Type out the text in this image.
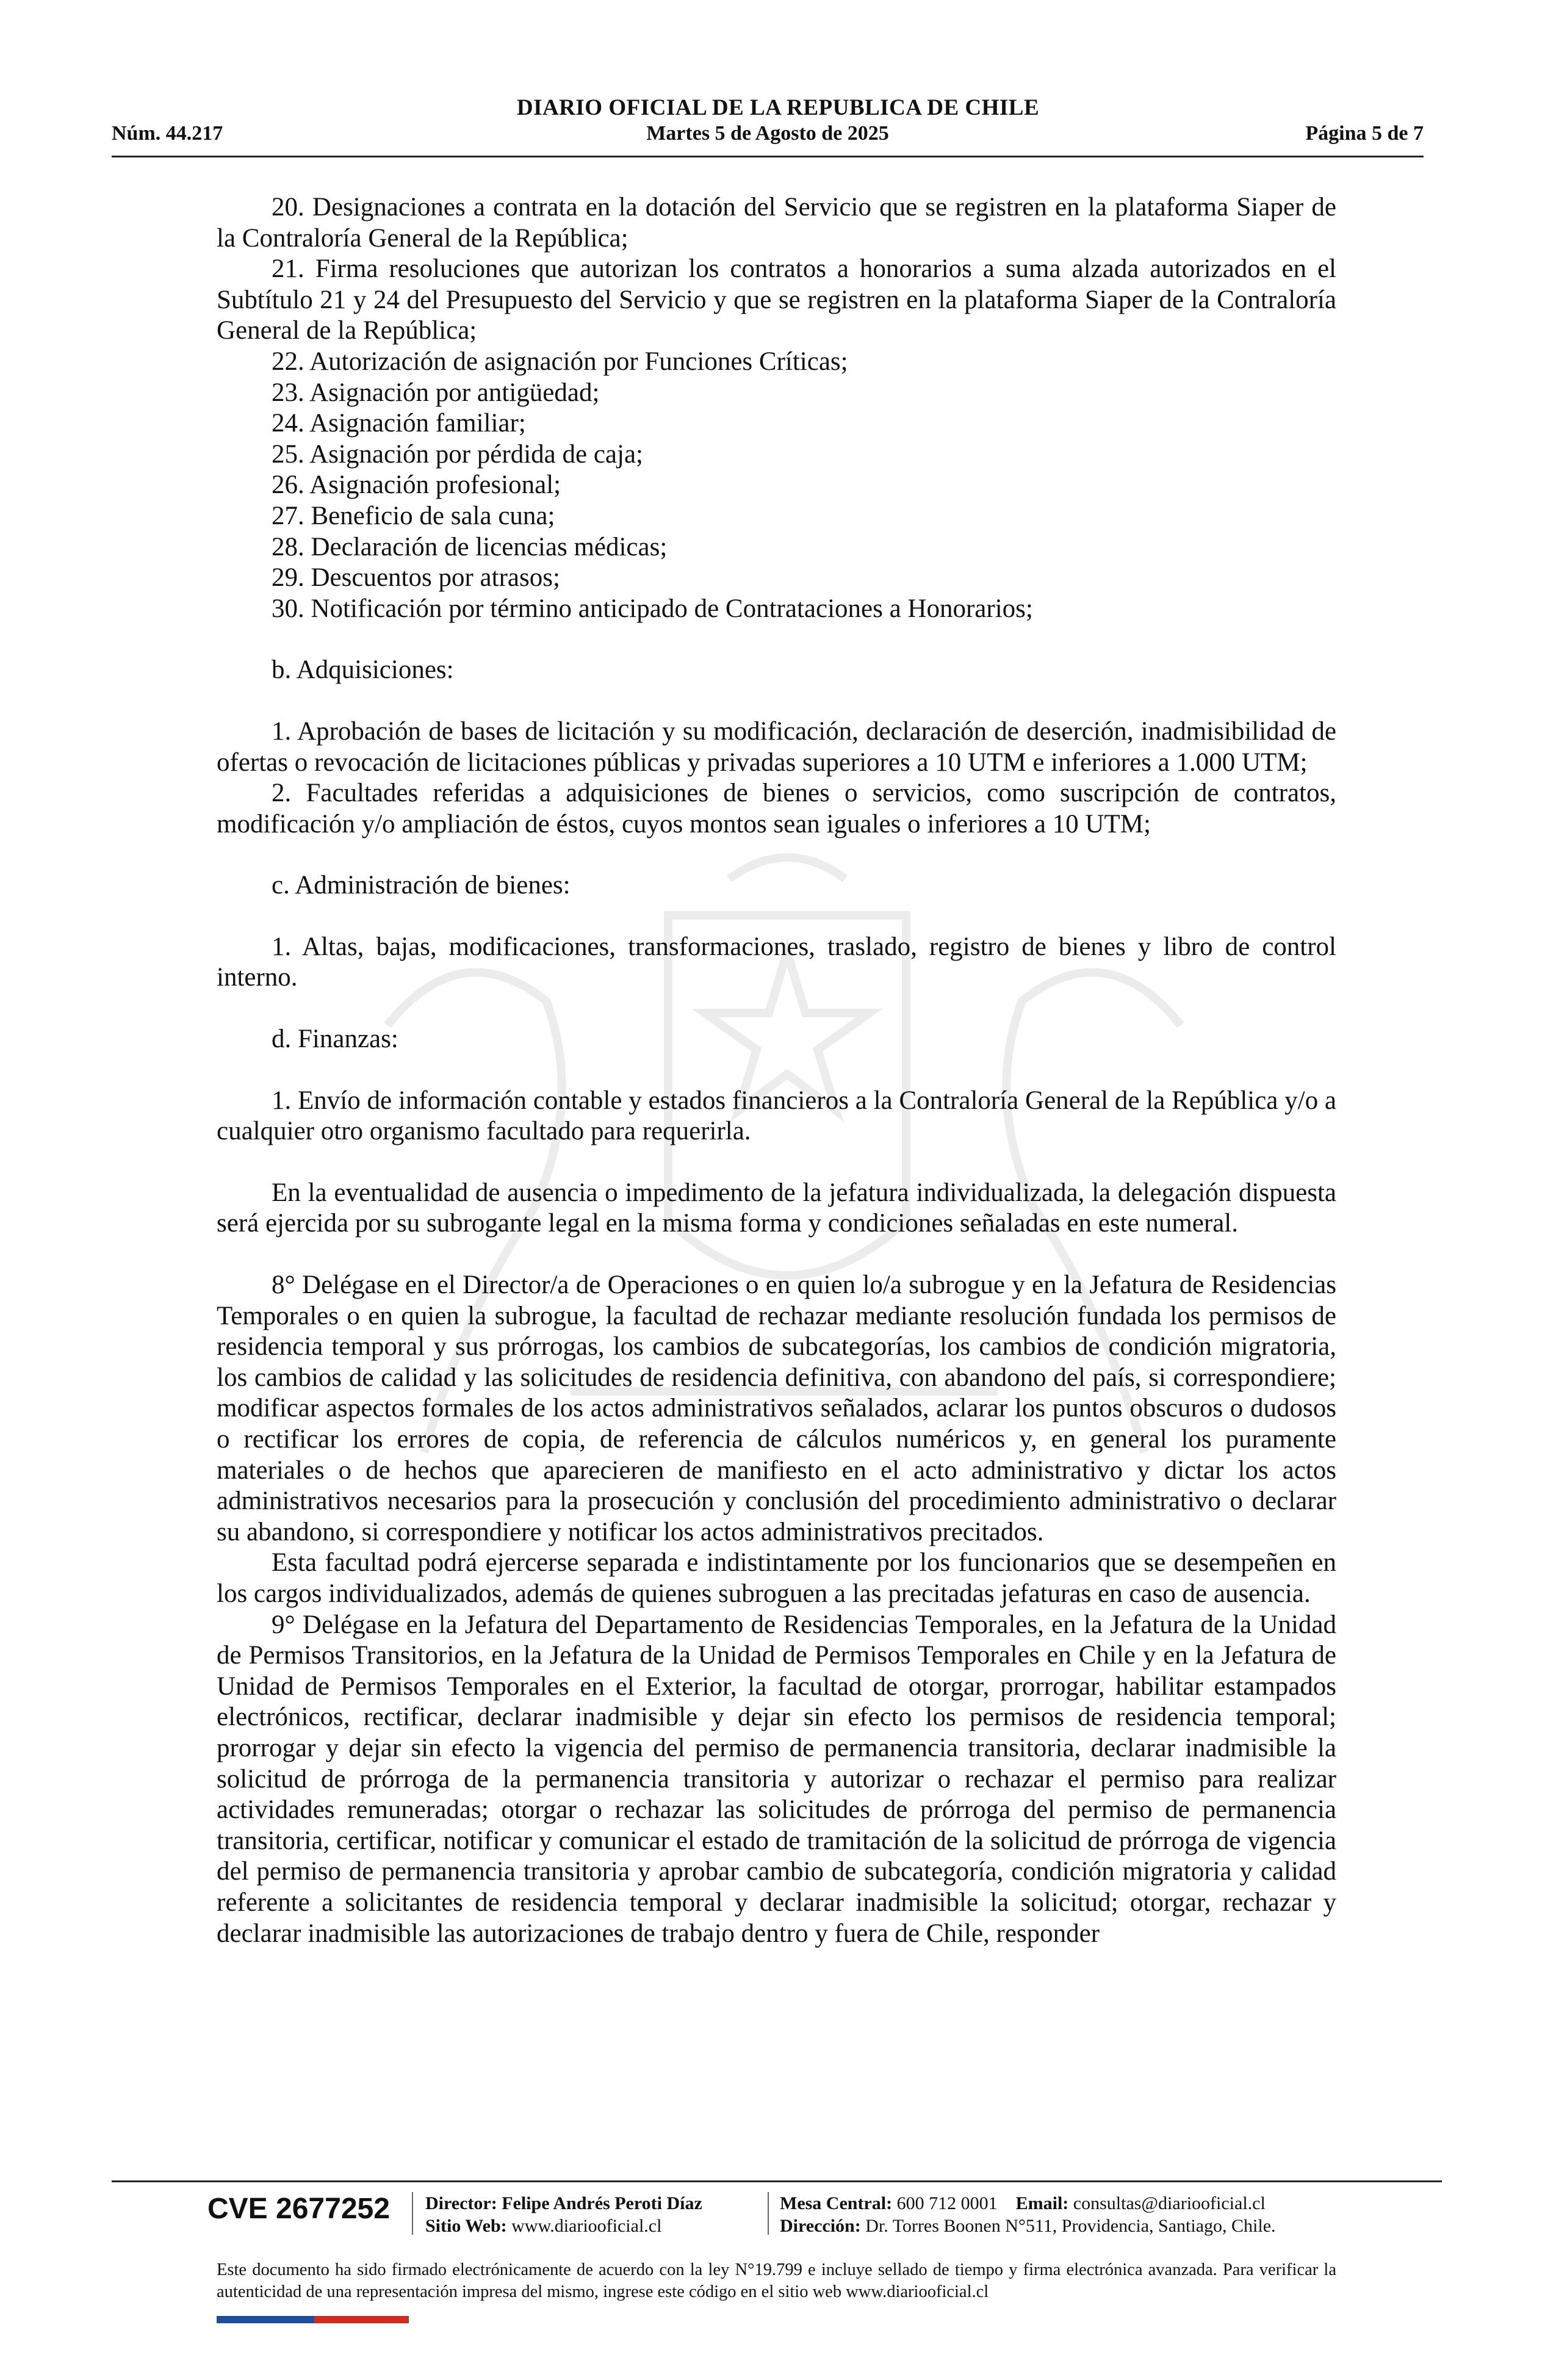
DIARIO OFICIAL DE LA REPUBLICA DE CHILE
Núm. 44.217	Martes 5 de Agosto de 2025	Página 5 de 7

20. Designaciones a contrata en la dotación del Servicio que se registren en la plataforma Siaper de la Contraloría General de la República;

21. Firma resoluciones que autorizan los contratos a honorarios a suma alzada autorizados en el Subtítulo 21 y 24 del Presupuesto del Servicio y que se registren en la plataforma Siaper de la Contraloría General de la República;

22. Autorización de asignación por Funciones Críticas;

23. Asignación por antigüedad;

24. Asignación familiar;

25. Asignación por pérdida de caja;

26. Asignación profesional;

27. Beneficio de sala cuna;

28. Declaración de licencias médicas;

29. Descuentos por atrasos;

30. Notificación por término anticipado de Contrataciones a Honorarios;

b. Adquisiciones:

1. Aprobación de bases de licitación y su modificación, declaración de deserción, inadmisibilidad de ofertas o revocación de licitaciones públicas y privadas superiores a 10 UTM e inferiores a 1.000 UTM;

2. Facultades referidas a adquisiciones de bienes o servicios, como suscripción de contratos, modificación y/o ampliación de éstos, cuyos montos sean iguales o inferiores a 10 UTM;

c. Administración de bienes:

1. Altas, bajas, modificaciones, transformaciones, traslado, registro de bienes y libro de control interno.

d. Finanzas:

1. Envío de información contable y estados financieros a la Contraloría General de la República y/o a cualquier otro organismo facultado para requerirla.

En la eventualidad de ausencia o impedimento de la jefatura individualizada, la delegación dispuesta será ejercida por su subrogante legal en la misma forma y condiciones señaladas en este numeral.

8° Delégase en el Director/a de Operaciones o en quien lo/a subrogue y en la Jefatura de Residencias Temporales o en quien la subrogue, la facultad de rechazar mediante resolución fundada los permisos de residencia temporal y sus prórrogas, los cambios de subcategorías, los cambios de condición migratoria, los cambios de calidad y las solicitudes de residencia definitiva, con abandono del país, si correspondiere; modificar aspectos formales de los actos administrativos señalados, aclarar los puntos obscuros o dudosos o rectificar los errores de copia, de referencia de cálculos numéricos y, en general los puramente materiales o de hechos que aparecieren de manifiesto en el acto administrativo y dictar los actos administrativos necesarios para la prosecución y conclusión del procedimiento administrativo o declarar su abandono, si correspondiere y notificar los actos administrativos precitados.

Esta facultad podrá ejercerse separada e indistintamente por los funcionarios que se desempeñen en los cargos individualizados, además de quienes subroguen a las precitadas jefaturas en caso de ausencia.

9° Delégase en la Jefatura del Departamento de Residencias Temporales, en la Jefatura de la Unidad de Permisos Transitorios, en la Jefatura de la Unidad de Permisos Temporales en Chile y en la Jefatura de Unidad de Permisos Temporales en el Exterior, la facultad de otorgar, prorrogar, habilitar estampados electrónicos, rectificar, declarar inadmisible y dejar sin efecto los permisos de residencia temporal; prorrogar y dejar sin efecto la vigencia del permiso de permanencia transitoria, declarar inadmisible la solicitud de prórroga de la permanencia transitoria y autorizar o rechazar el permiso para realizar actividades remuneradas; otorgar o rechazar las solicitudes de prórroga del permiso de permanencia transitoria, certificar, notificar y comunicar el estado de tramitación de la solicitud de prórroga de vigencia del permiso de permanencia transitoria y aprobar cambio de subcategoría, condición migratoria y calidad referente a solicitantes de residencia temporal y declarar inadmisible la solicitud; otorgar, rechazar y declarar inadmisible las autorizaciones de trabajo dentro y fuera de Chile, responder

CVE 2677252 Director: Felipe Andrés Peroti Díaz
Sitio Web: www.diariooficial.cl
Mesa Central: 600 712 0001 Email: consultas@diariooficial.cl
Dirección: Dr. Torres Boonen N°511, Providencia, Santiago, Chile.
Este documento ha sido firmado electrónicamente de acuerdo con la ley N°19.799 e incluye sellado de tiempo y firma electrónica avanzada. Para verificar la autenticidad de una representación impresa del mismo, ingrese este código en el sitio web www.diariooficial.cl
